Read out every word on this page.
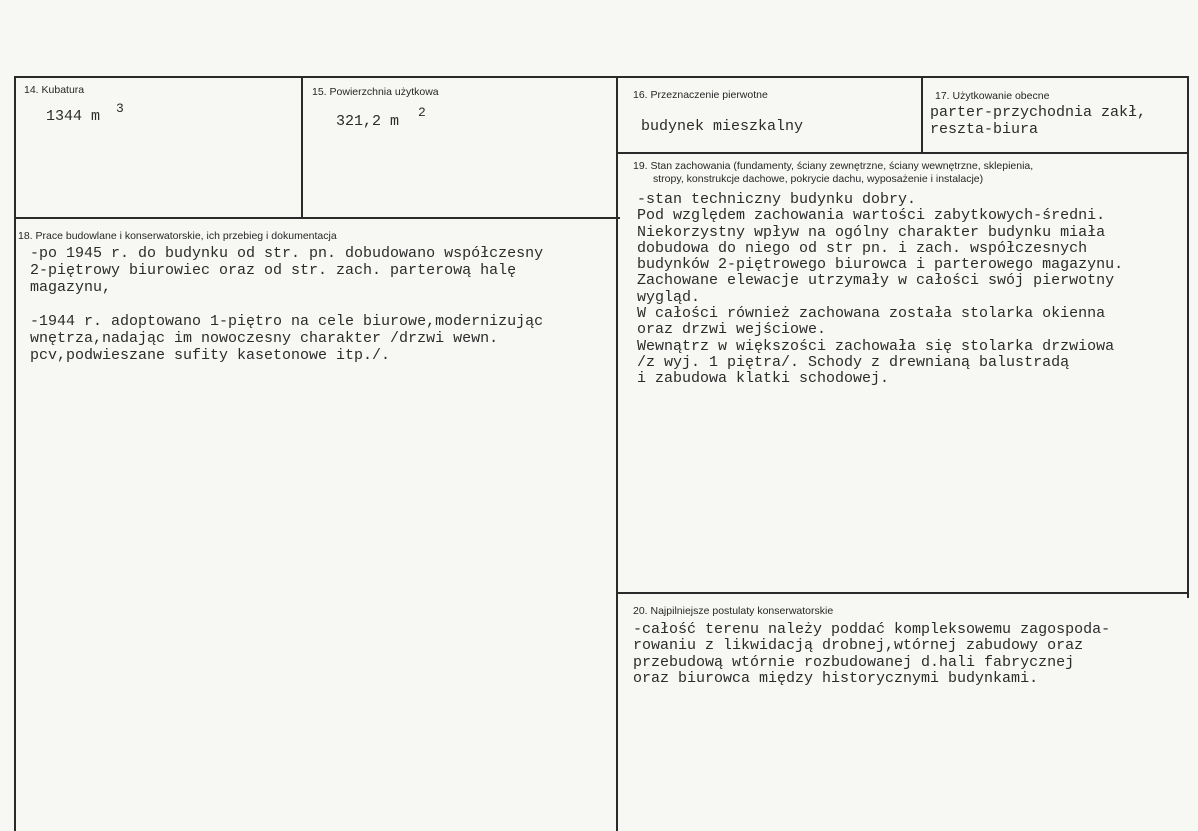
14. Kubatura
1344 m 3
15. Powierzchnia użytkowa
321,2 m
2
16. Przeznaczenie pierwotne
budynek mieszkalny
17. Użytkowanie obecne
parter-przychodnia zakł,
reszta-biura
18. Prace budowlane i konserwatorskie, ich przebieg i dokumentacja
-po 1945 r. do budynku od str. pn. dobudowano współczesny
2-piętrowy biurowiec oraz od str. zach. parterową halę
magazynu,
-1944 r. adoptowano 1-piętro na cele biurowe,modernizując
wnętrza,nadając im nowoczesny charakter /drzwi wewn.
pcv,podwieszane sufity kasetonowe itp./.
19. Stan zachowania (fundamenty, ściany zewnętrzne, ściany wewnętrzne, sklepienia,
stropy, konstrukcje dachowe, pokrycie dachu, wyposażenie i instalacje)
-stan techniczny budynku dobry.
Pod względem zachowania wartości zabytkowych-średni.
Niekorzystny wpływ na ogólny charakter budynku miała
dobudowa do niego od str pn. i zach. współczesnych
budynków 2-piętrowego biurowca i parterowego magazynu.
Zachowane elewacje utrzymały w całości swój pierwotny
wygląd.
W całości również zachowana została stolarka okienna
oraz drzwi wejściowe.
Wewnątrz w większości zachowała się stolarka drzwiowa
/z wyj. 1 piętra/. Schody z drewnianą balustradą
i zabudowa klatki schodowej.
20. Najpilniejsze postulaty konserwatorskie
-całość terenu należy poddać kompleksowemu zagospoda-
rowaniu z likwidacją drobnej,wtórnej zabudowy oraz
przebudową wtórnie rozbudowanej d.hali fabrycznej
oraz biurowca między historycznymi budynkami.
